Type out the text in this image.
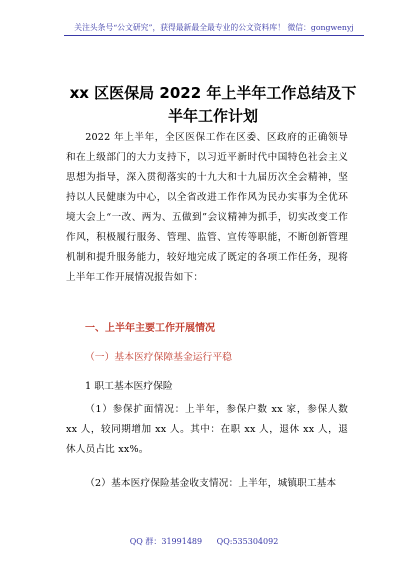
关注头条号“公文研究”，获得最新最全最专业的公文资料库！ 微信：gongwenyj
xx 区医保局 2022 年上半年工作总结及下半年工作计划

2022 年上半年，全区医保工作在区委、区政府的正确领导和在上级部门的大力支持下，以习近平新时代中国特色社会主义思想为指导，深入贯彻落实的十九大和十九届历次全会精神，坚持以人民健康为中心，以全省改进工作作风为民办实事为全优环境大会上“一改、两为、五做到”会议精神为抓手，切实改变工作作风，积极履行服务、管理、监管、宣传等职能，不断创新管理机制和提升服务能力，较好地完成了既定的各项工作任务，现将上半年工作开展情况报告如下：

一、上半年主要工作开展情况

（一）基本医疗保障基金运行平稳

1 职工基本医疗保险

（1）参保扩面情况：上半年，参保户数 xx 家，参保人数 xx 人，较同期增加 xx 人。其中：在职 xx 人，退休 xx 人，退休人员占比 xx%。

（2）基本医疗保险基金收支情况：上半年，城镇职工基本

QQ 群：31991489 QQ:535304092
